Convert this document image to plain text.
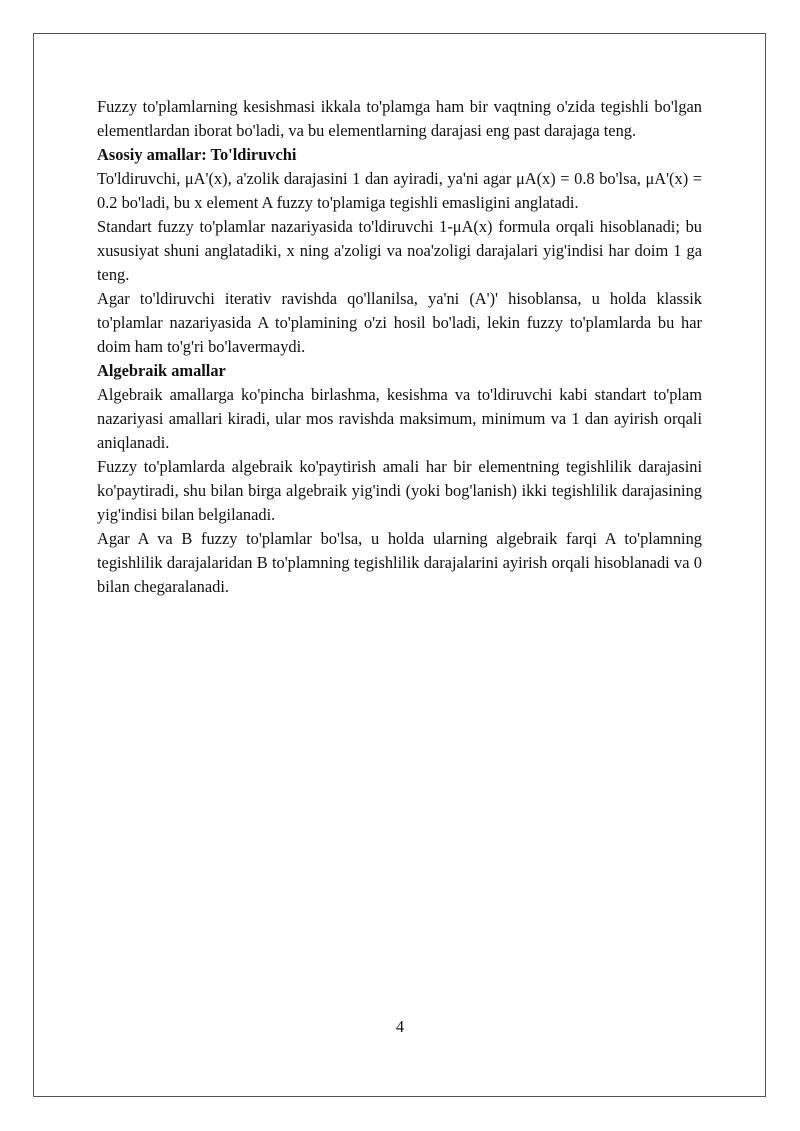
Fuzzy to'plamlarning kesishmasi ikkala to'plamga ham bir vaqtning o'zida tegishli bo'lgan elementlardan iborat bo'ladi, va bu elementlarning darajasi eng past darajaga teng.

Asosiy amallar: To'ldiruvchi

To'ldiruvchi, μA'(x), a'zolik darajasini 1 dan ayiradi, ya'ni agar μA(x) = 0.8 bo'lsa, μA'(x) = 0.2 bo'ladi, bu x element A fuzzy to'plamiga tegishli emasligini anglatadi.

Standart fuzzy to'plamlar nazariyasida to'ldiruvchi 1-μA(x) formula orqali hisoblanadi; bu xususiyat shuni anglatadiki, x ning a'zoligi va noa'zoligi darajalari yig'indisi har doim 1 ga teng.

Agar to'ldiruvchi iterativ ravishda qo'llanilsa, ya'ni (A')' hisoblansa, u holda klassik to'plamlar nazariyasida A to'plamining o'zi hosil bo'ladi, lekin fuzzy to'plamlarda bu har doim ham to'g'ri bo'lavermaydi.

Algebraik amallar

Algebraik amallarga ko'pincha birlashma, kesishma va to'ldiruvchi kabi standart to'plam nazariyasi amallari kiradi, ular mos ravishda maksimum, minimum va 1 dan ayirish orqali aniqlanadi.

Fuzzy to'plamlarda algebraik ko'paytirish amali har bir elementning tegishlilik darajasini ko'paytiradi, shu bilan birga algebraik yig'indi (yoki bog'lanish) ikki tegishlilik darajasining yig'indisi bilan belgilanadi.

Agar A va B fuzzy to'plamlar bo'lsa, u holda ularning algebraik farqi A to'plamning tegishlilik darajalaridan B to'plamning tegishlilik darajalarini ayirish orqali hisoblanadi va 0 bilan chegaralanadi.

4
